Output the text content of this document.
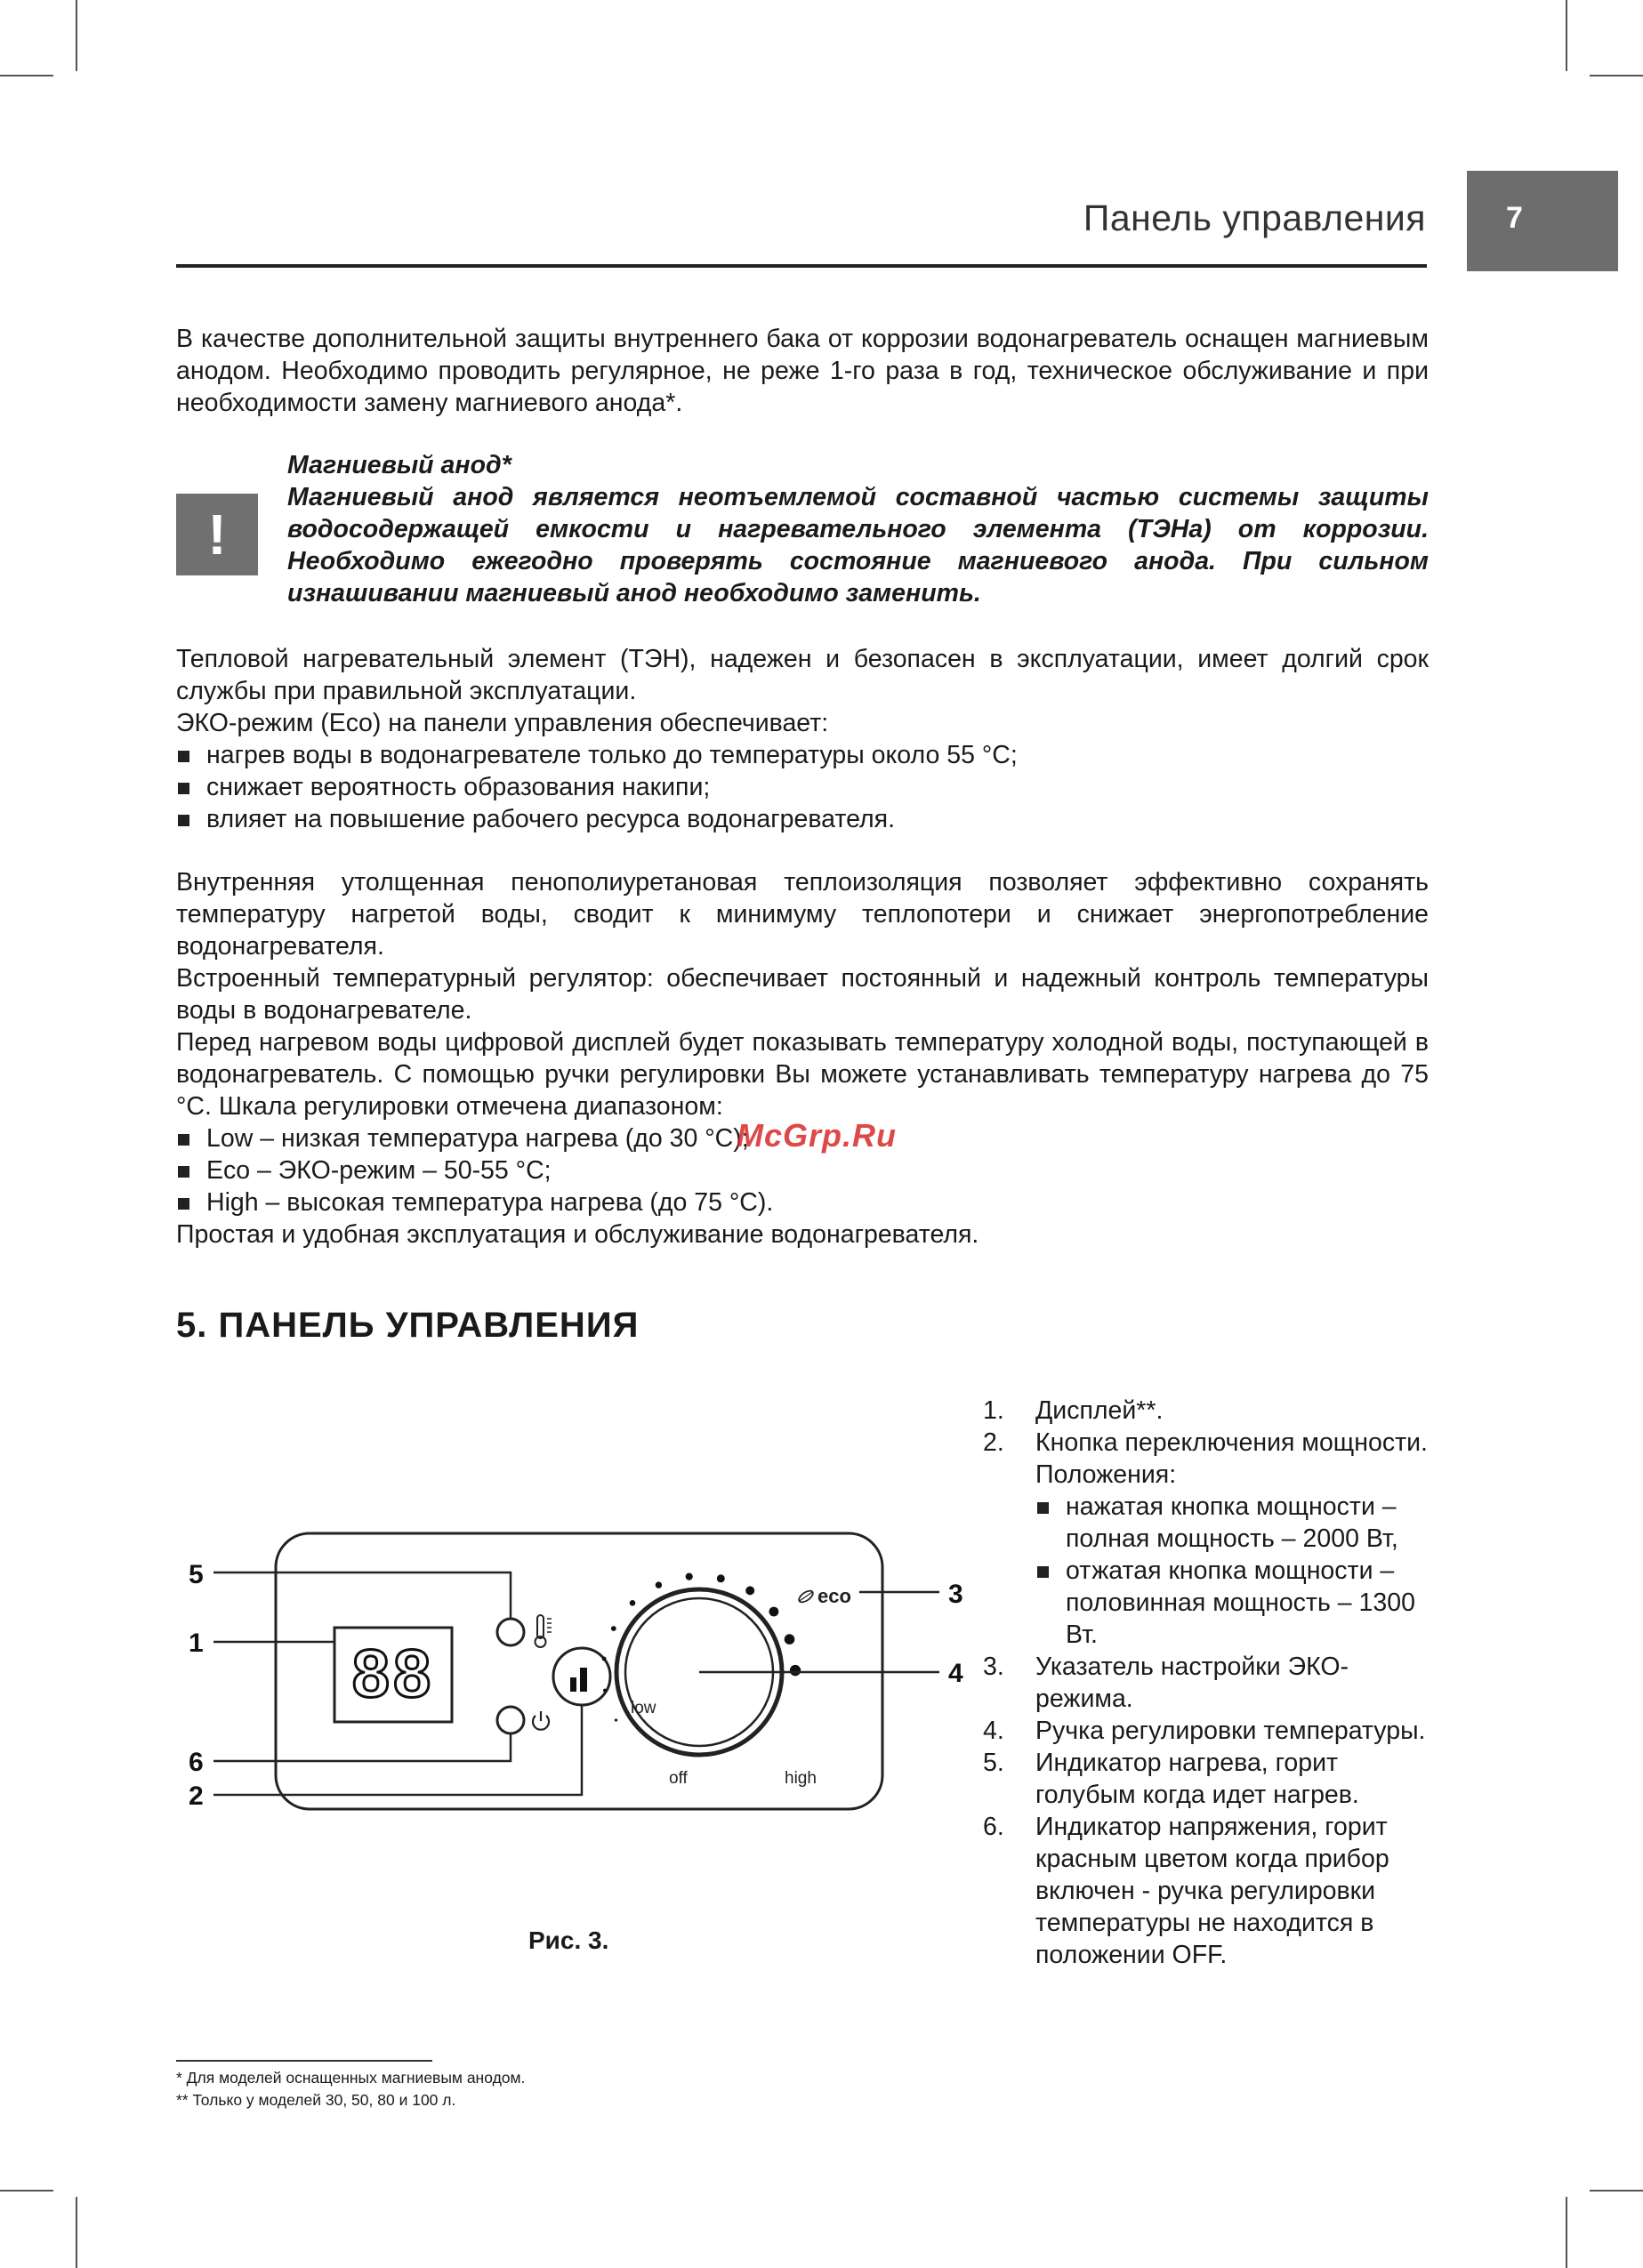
Панель управления	7

В качестве дополнительной защиты внутреннего бака от коррозии водонагреватель оснащен магниевым анодом. Необходимо проводить регулярное, не реже 1-го раза в год, техническое обслуживание и при необходимости замену магниевого анода*.

!

Магниевый анод*

Магниевый анод является неотъемлемой составной частью системы защиты водосодержащей емкости и нагревательного элемента (ТЭНа) от коррозии. Необходимо ежегодно проверять состояние магниевого анода. При сильном изнашивании магниевый анод необходимо заменить.

Тепловой нагревательный элемент (ТЭН), надежен и безопасен в эксплуатации, имеет долгий срок службы при правильной эксплуатации.

ЭКО-режим (Eco) на панели управления обеспечивает:

нагрев воды в водонагревателе только до температуры около 55 °С;
снижает вероятность образования накипи;
влияет на повышение рабочего ресурса водонагревателя.

Внутренняя утолщенная пенополиуретановая теплоизоляция позволяет эффективно сохранять температуру нагретой воды, сводит к минимуму теплопотери и снижает энергопотребление водонагревателя.

Встроенный температурный регулятор: обеспечивает постоянный и надежный контроль температуры воды в водонагревателе.

Перед нагревом воды цифровой дисплей будет показывать температуру холодной воды, поступающей в водонагреватель. С помощью ручки регулировки Вы можете устанавливать температуру нагрева до 75 °С. Шкала регулировки отмечена диапазоном:

Low – низкая температура нагрева (до 30 °С);
Eco – ЭКО-режим – 50-55 °С;
High – высокая температура нагрева (до 75 °С).

Простая и удобная эксплуатация и обслуживание водонагревателя.

McGrp.Ru
5. ПАНЕЛЬ УПРАВЛЕНИЯ
88	low
off	high
eco
5
1
6
2
3
4
Рис. 3.
1. Дисплей**.
2. Кнопка переключения мощности. Положения:
нажатая кнопка мощности – полная мощность – 2000 Вт,
отжатая кнопка мощности – половинная мощность – 1300 Вт.
3. Указатель настройки ЭКО-режима.
4. Ручка регулировки температуры.
5. Индикатор нагрева, горит голубым когда идет нагрев.
6. Индикатор напряжения, горит красным цветом когда прибор включен - ручка регулировки температуры не находится в положении OFF.

* Для моделей оснащенных магниевым анодом.

** Только у моделей 30, 50, 80 и 100 л.
